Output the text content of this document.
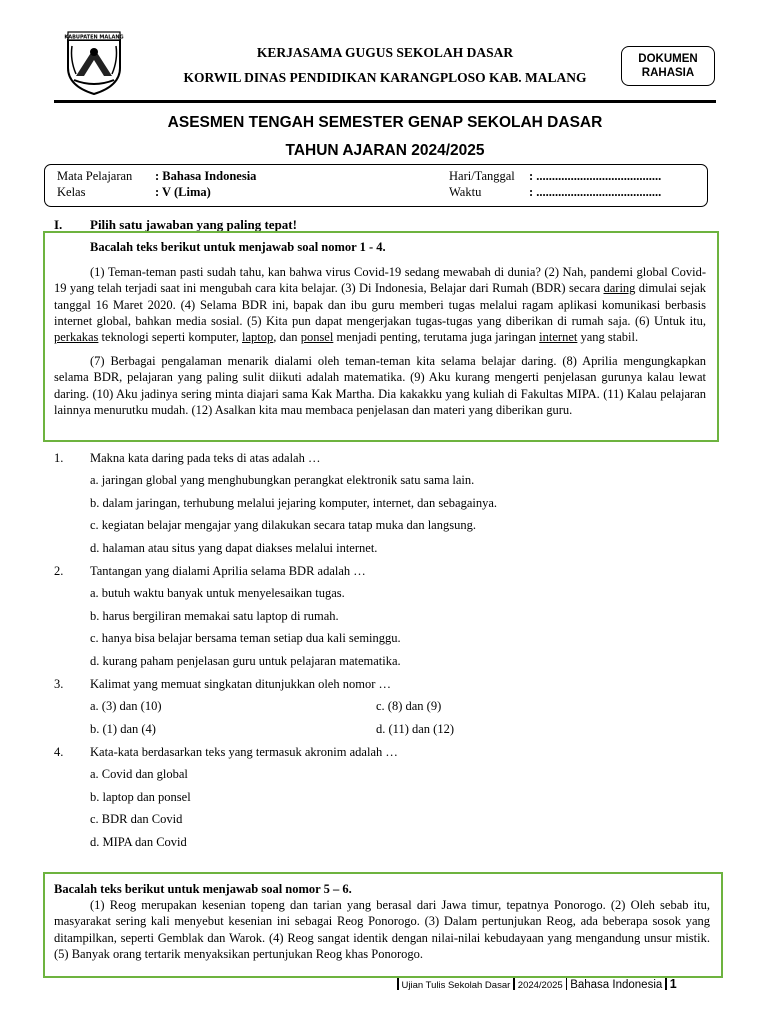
KABUPATEN MALANG
KERJASAMA GUGUS SEKOLAH DASAR
KORWIL DINAS PENDIDIKAN KARANGPLOSO KAB. MALANG
DOKUMEN
RAHASIA
ASESMEN TENGAH SEMESTER GENAP SEKOLAH DASAR
TAHUN AJARAN 2024/2025
Mata Pelajaran : Bahasa Indonesia	Hari/Tanggal : ........................................
Kelas	: V (Lima)	Waktu	: ........................................
I. Pilih satu jawaban yang paling tepat!
Bacalah teks berikut untuk menjawab soal nomor 1 - 4.

(1) Teman-teman pasti sudah tahu, kan bahwa virus Covid-19 sedang mewabah di dunia? (2) Nah, pandemi global Covid-19 yang telah terjadi saat ini mengubah cara kita belajar. (3) Di Indonesia, Belajar dari Rumah (BDR) secara daring dimulai sejak tanggal 16 Maret 2020. (4) Selama BDR ini, bapak dan ibu guru memberi tugas melalui ragam aplikasi komunikasi berbasis internet global, bahkan media sosial. (5) Kita pun dapat mengerjakan tugas-tugas yang diberikan di rumah saja. (6) Untuk itu, perkakas teknologi seperti komputer, laptop, dan ponsel menjadi penting, terutama juga jaringan internet yang stabil.

(7) Berbagai pengalaman menarik dialami oleh teman-teman kita selama belajar daring. (8) Aprilia mengungkapkan selama BDR, pelajaran yang paling sulit diikuti adalah matematika. (9) Aku kurang mengerti penjelasan gurunya kalau lewat daring. (10) Aku jadinya sering minta diajari sama Kak Martha. Dia kakakku yang kuliah di Fakultas MIPA. (11) Kalau pelajaran lainnya menurutku mudah. (12) Asalkan kita mau membaca penjelasan dan materi yang diberikan guru.

1. Makna kata daring pada teks di atas adalah …
a. jaringan global yang menghubungkan perangkat elektronik satu sama lain.
b. dalam jaringan, terhubung melalui jejaring komputer, internet, dan sebagainya.
c. kegiatan belajar mengajar yang dilakukan secara tatap muka dan langsung.
d. halaman atau situs yang dapat diakses melalui internet.
2. Tantangan yang dialami Aprilia selama BDR adalah …
a. butuh waktu banyak untuk menyelesaikan tugas.
b. harus bergiliran memakai satu laptop di rumah.
c. hanya bisa belajar bersama teman setiap dua kali seminggu.
d. kurang paham penjelasan guru untuk pelajaran matematika.
3. Kalimat yang memuat singkatan ditunjukkan oleh nomor …
a. (3) dan (10)	c. (8) dan (9)
b. (1) dan (4)	d. (11) dan (12)
4. Kata-kata berdasarkan teks yang termasuk akronim adalah …
a. Covid dan global
b. laptop dan ponsel
c. BDR dan Covid
d. MIPA dan Covid
Bacalah teks berikut untuk menjawab soal nomor 5 – 6.

(1) Reog merupakan kesenian topeng dan tarian yang berasal dari Jawa timur, tepatnya Ponorogo. (2) Oleh sebab itu, masyarakat sering kali menyebut kesenian ini sebagai Reog Ponorogo. (3) Dalam pertunjukan Reog, ada beberapa sosok yang ditampilkan, seperti Gemblak dan Warok. (4) Reog sangat identik dengan nilai-nilai kebudayaan yang mengandung unsur mistik. (5) Banyak orang tertarik menyaksikan pertunjukan Reog khas Ponorogo.

Ujian Tulis Sekolah Dasar 2024/2025 Bahasa Indonesia 1
